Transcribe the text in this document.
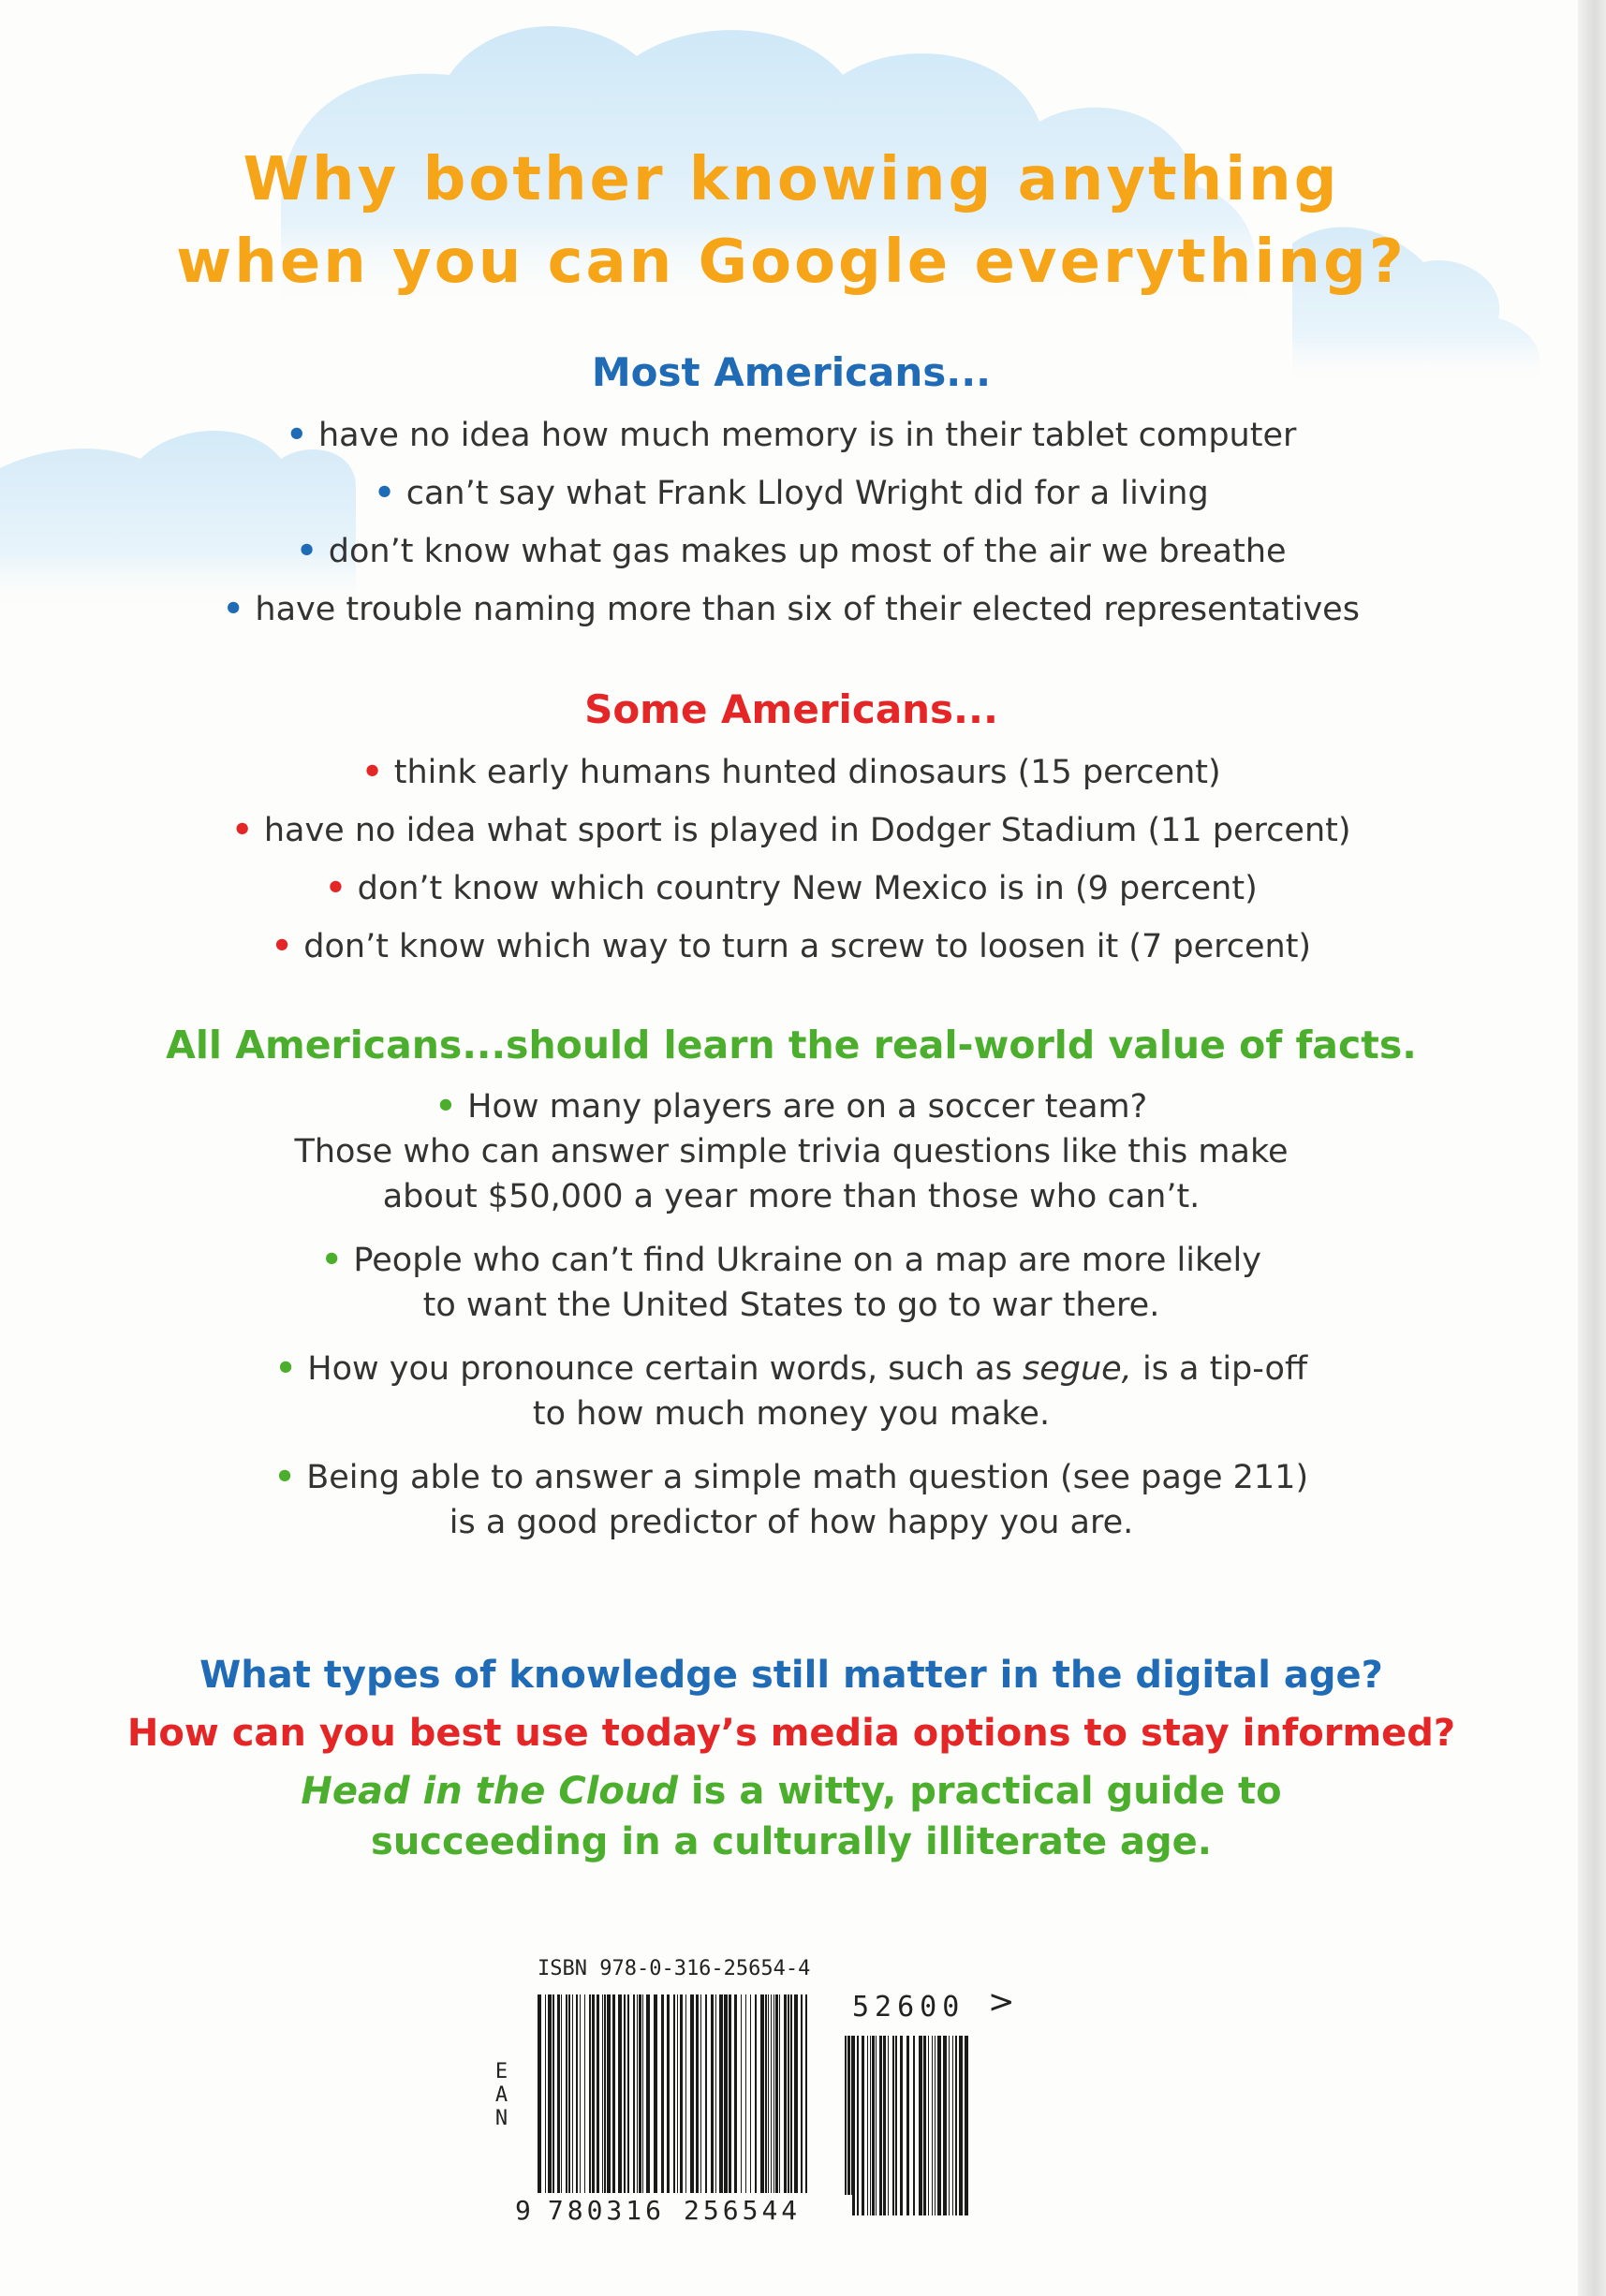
Why bother knowing anything
when you can Google everything?
Most Americans...
• have no idea how much memory is in their tablet computer
• can’t say what Frank Lloyd Wright did for a living
• don’t know what gas makes up most of the air we breathe
• have trouble naming more than six of their elected representatives
Some Americans...
• think early humans hunted dinosaurs (15 percent)
• have no idea what sport is played in Dodger Stadium (11 percent)
• don’t know which country New Mexico is in (9 percent)
• don’t know which way to turn a screw to loosen it (7 percent)
All Americans...should learn the real-world value of facts.
• How many players are on a soccer team?
Those who can answer simple trivia questions like this make
about $50,000 a year more than those who can’t.
• People who can’t find Ukraine on a map are more likely
to want the United States to go to war there.
• How you pronounce certain words, such as segue, is a tip-off
to how much money you make.
• Being able to answer a simple math question (see page 211)
is a good predictor of how happy you are.
What types of knowledge still matter in the digital age?
How can you best use today’s media options to stay informed?
Head in the Cloud is a witty, practical guide to
succeeding in a culturally illiterate age.
ISBN 978-0-316-25654-4
EAN
52600 >
9 780316 256544
